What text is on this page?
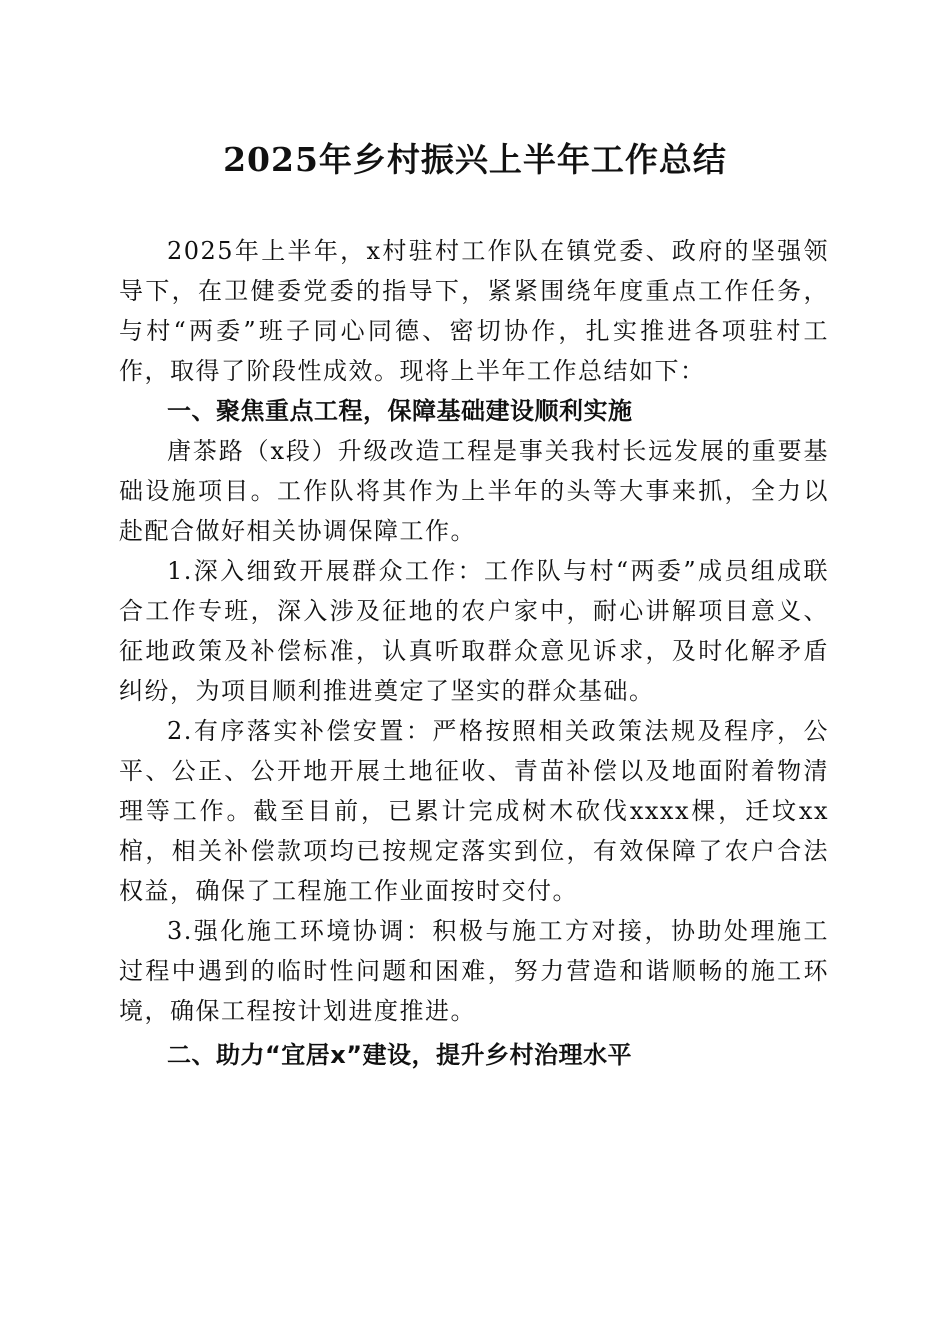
2025年乡村振兴上半年工作总结

2025年上半年，x村驻村工作队在镇党委、政府的坚强领导下，在卫健委党委的指导下，紧紧围绕年度重点工作任务，与村“两委”班子同心同德、密切协作，扎实推进各项驻村工作，取得了阶段性成效。现将上半年工作总结如下：

一、聚焦重点工程，保障基础建设顺利实施

唐茶路（x段）升级改造工程是事关我村长远发展的重要基础设施项目。工作队将其作为上半年的头等大事来抓，全力以赴配合做好相关协调保障工作。

1.深入细致开展群众工作：工作队与村“两委”成员组成联合工作专班，深入涉及征地的农户家中，耐心讲解项目意义、征地政策及补偿标准，认真听取群众意见诉求，及时化解矛盾纠纷，为项目顺利推进奠定了坚实的群众基础。

2.有序落实补偿安置：严格按照相关政策法规及程序，公平、公正、公开地开展土地征收、青苗补偿以及地面附着物清理等工作。截至目前，已累计完成树木砍伐xxxx棵，迁坟xx棺，相关补偿款项均已按规定落实到位，有效保障了农户合法权益，确保了工程施工作业面按时交付。

3.强化施工环境协调：积极与施工方对接，协助处理施工过程中遇到的临时性问题和困难，努力营造和谐顺畅的施工环境，确保工程按计划进度推进。

二、助力“宜居x”建设，提升乡村治理水平
